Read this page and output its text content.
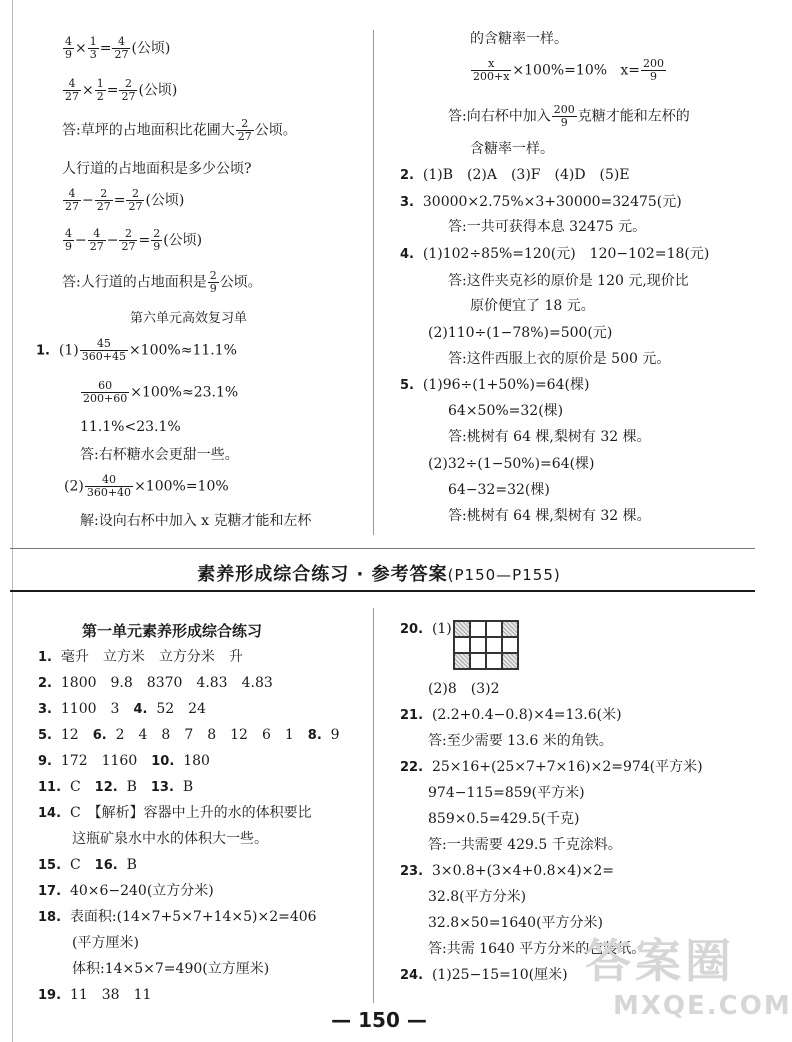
$\frac{4}{9} \times \frac{1}{3} = \frac{4}{27}$ (公顷)
$\frac{4}{27} \times \frac{1}{2} = \frac{2}{27}$ (公顷)
答:草坪的占地面积比花圃大 $\frac{2}{27}$ 公顷。
人行道的占地面积是多少公顷?
$\frac{4}{27} - \frac{2}{27} = \frac{2}{27}$ (公顷)
$\frac{4}{9} - \frac{4}{27} - \frac{2}{27} = \frac{2}{9}$ (公顷)
答:人行道的占地面积是 $\frac{2}{9}$ 公顷。
第六单元高效复习单
1. $(1) \frac{45}{360+45} \times 100\%\approx 11.1\%$
$\frac{60}{200+60} \times 100\%\approx 23.1\%$
11.1%<23.1%
答:右杯糖水会更甜一些。
$(2) \frac{40}{360+40} \times 100\%=10\%$
解:设向右杯中加入 x 克糖才能和左杯
的含糖率一样。
$\frac{x}{200+x} \times 100\%=10\%$ $x= \frac{200}{9}$
答:向右杯中加入 $\frac{200}{9}$ 克糖才能和左杯的
含糖率一样。
2. (1)B　(2)A　(3)F　(4)D　(5)E
3. 30000×2.75%×3+30000=32475(元)
答:一共可获得本息 32475 元。
4. (1)102÷85%=120(元)　120−102=18(元)
答:这件夹克衫的原价是 120 元,现价比
原价便宜了 18 元。
(2)110÷(1−78%)=500(元)
答:这件西服上衣的原价是 500 元。
5. (1)96÷(1+50%)=64(棵)
64×50%=32(棵)
答:桃树有 64 棵,梨树有 32 棵。
(2)32÷(1−50%)=64(棵)
64−32=32(棵)
答:桃树有 64 棵,梨树有 32 棵。
素养形成综合练习 · 参考答案(P150—P155)
第一单元素养形成综合练习
1. 毫升　立方米　立方分米　升
2. 1800　9.8　8370　4.83　4.83
3. 1100　3　4. 52　24
5. 12　6. 2　4　8　7　8　12　6　1　8. 9
9. 172　1160　10. 180
11. C　12. B　13. B
14. C　【解析】容器中上升的水的体积要比
这瓶矿泉水中水的体积大一些。
15. C　16. B
17. 40×6−240(立方分米)
18. 表面积:(14×7+5×7+14×5)×2=406
(平方厘米)
体积:14×5×7=490(立方厘米)
19. 11　38　11
20. (1)
(2)8　(3)2
21. (2.2+0.4−0.8)×4=13.6(米)
答:至少需要 13.6 米的角铁。
22. 25×16+(25×7+7×16)×2=974(平方米)
974−115=859(平方米)
859×0.5=429.5(千克)
答:一共需要 429.5 千克涂料。
23. 3×0.8+(3×4+0.8×4)×2=
32.8(平方分米)
32.8×50=1640(平方分米)
答:共需 1640 平方分米的包装纸。
24. (1)25−15=10(厘米) 答案圈
MXQE.COM
— 150 —
